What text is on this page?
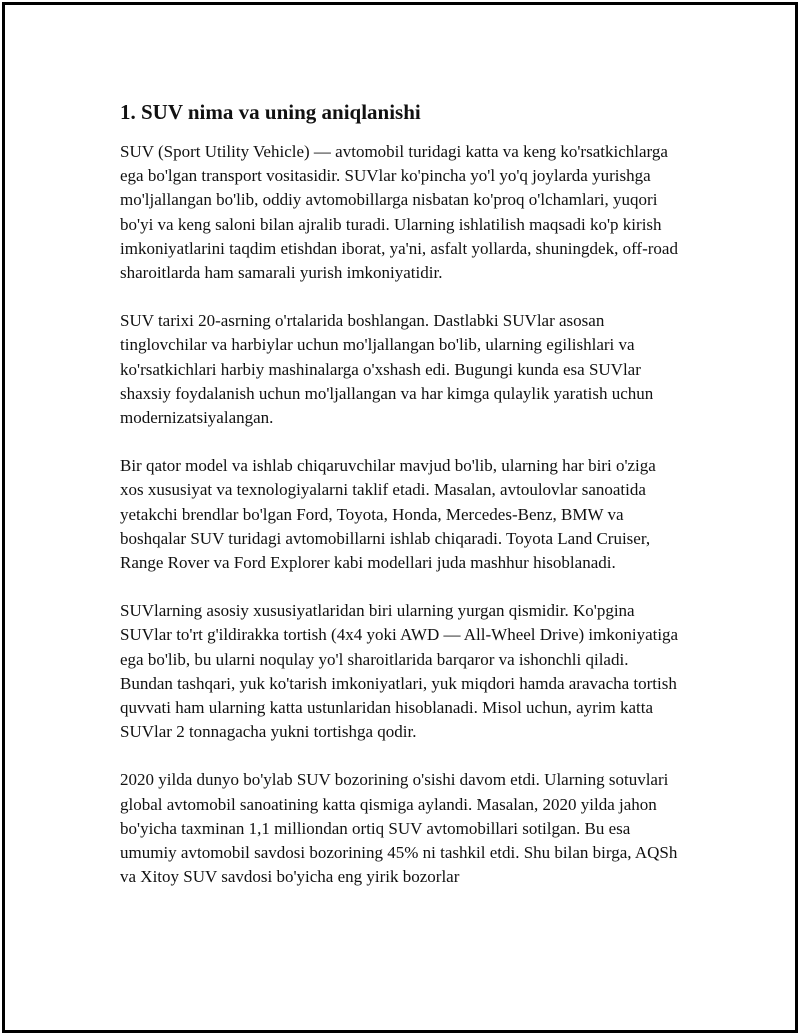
1. SUV nima va uning aniqlanishi

SUV (Sport Utility Vehicle) — avtomobil turidagi katta va keng ko'rsatkichlarga ega bo'lgan transport vositasidir. SUVlar ko'pincha yo'l yo'q joylarda yurishga mo'ljallangan bo'lib, oddiy avtomobillarga nisbatan ko'proq o'lchamlari, yuqori bo'yi va keng saloni bilan ajralib turadi. Ularning ishlatilish maqsadi ko'p kirish imkoniyatlarini taqdim etishdan iborat, ya'ni, asfalt yollarda, shuningdek, off-road sharoitlarda ham samarali yurish imkoniyatidir.

SUV tarixi 20-asrning o'rtalarida boshlangan. Dastlabki SUVlar asosan tinglovchilar va harbiylar uchun mo'ljallangan bo'lib, ularning egilishlari va ko'rsatkichlari harbiy mashinalarga o'xshash edi. Bugungi kunda esa SUVlar shaxsiy foydalanish uchun mo'ljallangan va har kimga qulaylik yaratish uchun modernizatsiyalangan.

Bir qator model va ishlab chiqaruvchilar mavjud bo'lib, ularning har biri o'ziga xos xususiyat va texnologiyalarni taklif etadi. Masalan, avtoulovlar sanoatida yetakchi brendlar bo'lgan Ford, Toyota, Honda, Mercedes-Benz, BMW va boshqalar SUV turidagi avtomobillarni ishlab chiqaradi. Toyota Land Cruiser, Range Rover va Ford Explorer kabi modellari juda mashhur hisoblanadi.

SUVlarning asosiy xususiyatlaridan biri ularning yurgan qismidir. Ko'pgina SUVlar to'rt g'ildirakka tortish (4x4 yoki AWD — All-Wheel Drive) imkoniyatiga ega bo'lib, bu ularni noqulay yo'l sharoitlarida barqaror va ishonchli qiladi. Bundan tashqari, yuk ko'tarish imkoniyatlari, yuk miqdori hamda aravacha tortish quvvati ham ularning katta ustunlaridan hisoblanadi. Misol uchun, ayrim katta SUVlar 2 tonnagacha yukni tortishga qodir.

2020 yilda dunyo bo'ylab SUV bozorining o'sishi davom etdi. Ularning sotuvlari global avtomobil sanoatining katta qismiga aylandi. Masalan, 2020 yilda jahon bo'yicha taxminan 1,1 milliondan ortiq SUV avtomobillari sotilgan. Bu esa umumiy avtomobil savdosi bozorining 45% ni tashkil etdi. Shu bilan birga, AQSh va Xitoy SUV savdosi bo'yicha eng yirik bozorlar
